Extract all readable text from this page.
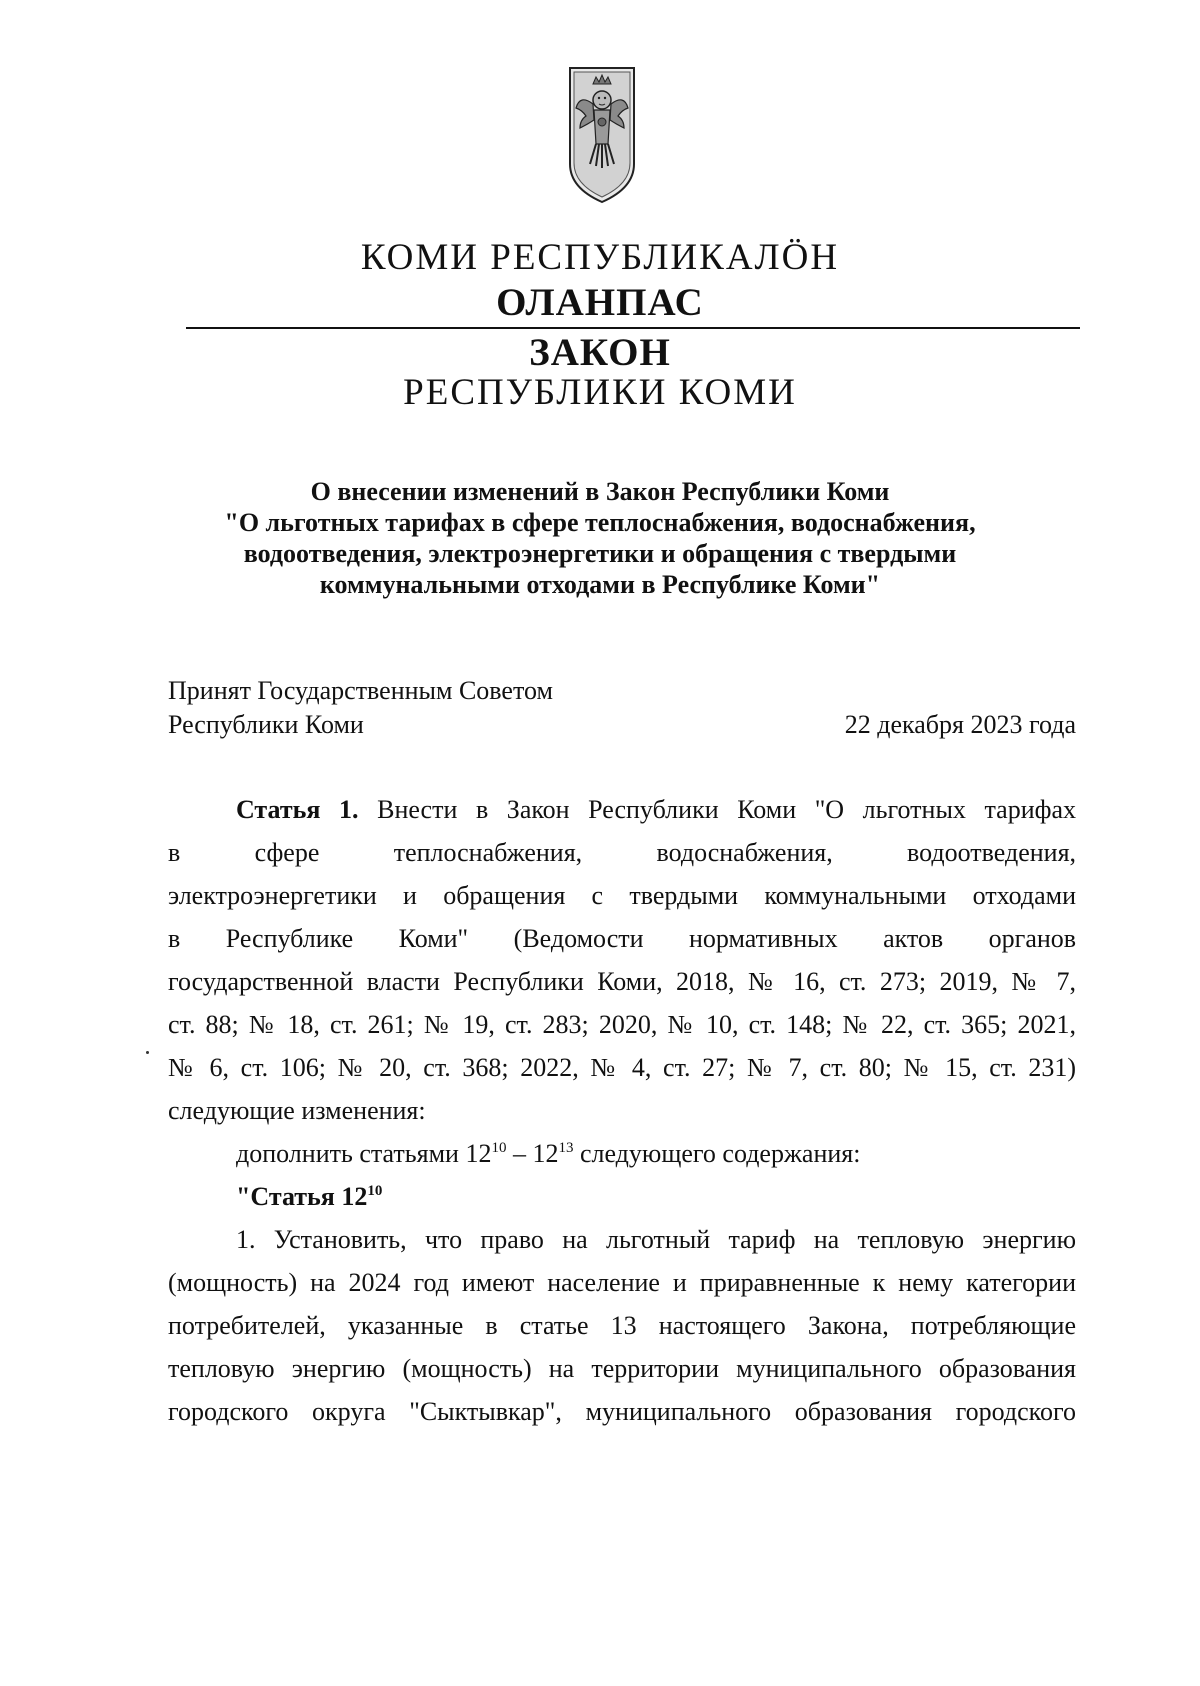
КОМИ РЕСПУБЛИКАЛӦН
ОЛАНПАС
ЗАКОН
РЕСПУБЛИКИ КОМИ
О внесении изменений в Закон Республики Коми
"О льготных тарифах в сфере теплоснабжения, водоснабжения,
водоотведения, электроэнергетики и обращения с твердыми
коммунальными отходами в Республике Коми"
Принят Государственным Советом
Республики Коми	22 декабря 2023 года
Статья 1. Внести в Закон Республики Коми "О льготных тарифах
в	сфере	теплоснабжения,	водоснабжения,	водоотведения,
электроэнергетики и обращения с твердыми коммунальными отходами
в Республике Коми" (Ведомости нормативных актов органов
государственной власти Республики Коми, 2018, № 16, ст. 273; 2019, № 7,
ст. 88; № 18, ст. 261; № 19, ст. 283; 2020, № 10, ст. 148; № 22, ст. 365; 2021,
№ 6, ст. 106; № 20, ст. 368; 2022, № 4, ст. 27; № 7, ст. 80; № 15, ст. 231)
следующие изменения:
дополнить статьями $12^{10} - 12^{13}$ следующего содержания:
"Статья $12^{10}$
1. Установить, что право на льготный тариф на тепловую энергию
(мощность) на 2024 год имеют население и приравненные к нему категории
потребителей, указанные в статье 13 настоящего Закона, потребляющие
тепловую энергию (мощность) на территории муниципального образования
городского округа "Сыктывкар", муниципального образования городского
